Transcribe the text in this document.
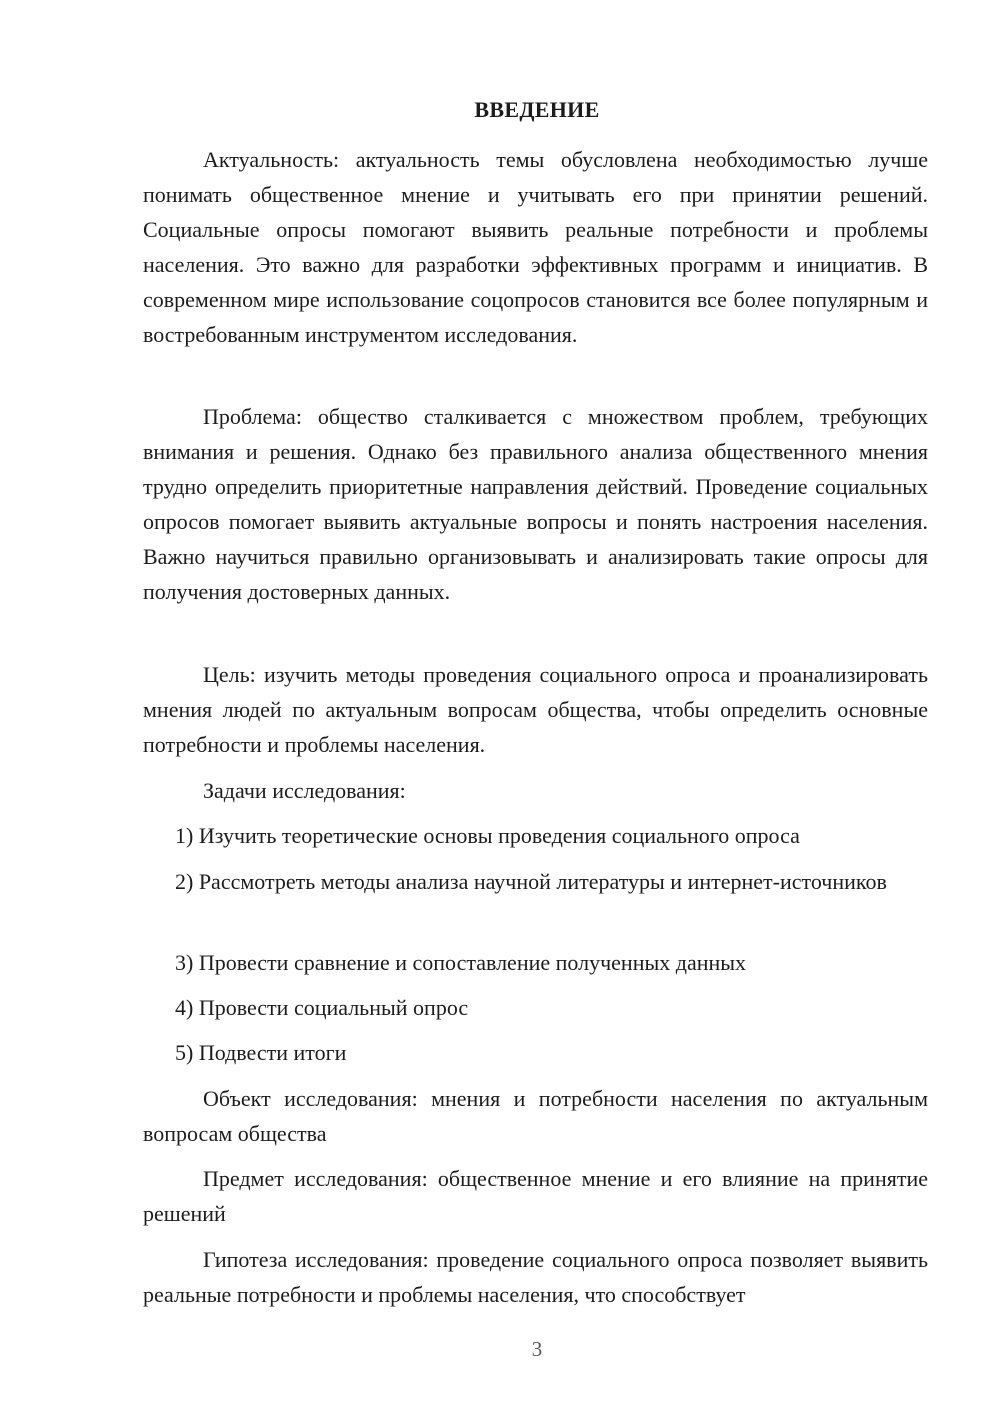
ВВЕДЕНИЕ
Актуальность: актуальность темы обусловлена необходимостью лучше понимать общественное мнение и учитывать его при принятии решений. Социальные опросы помогают выявить реальные потребности и проблемы населения. Это важно для разработки эффективных программ и инициатив. В современном мире использование соцопросов становится все более популярным и востребованным инструментом исследования.
Проблема: общество сталкивается с множеством проблем, требующих внимания и решения. Однако без правильного анализа общественного мнения трудно определить приоритетные направления действий. Проведение социальных опросов помогает выявить актуальные вопросы и понять настроения населения. Важно научиться правильно организовывать и анализировать такие опросы для получения достоверных данных.
Цель: изучить методы проведения социального опроса и проанализировать мнения людей по актуальным вопросам общества, чтобы определить основные потребности и проблемы населения.
Задачи исследования:
1) Изучить теоретические основы проведения социального опроса
2) Рассмотреть методы анализа научной литературы и интернет-источников
3) Провести сравнение и сопоставление полученных данных
4) Провести социальный опрос
5) Подвести итоги
Объект исследования: мнения и потребности населения по актуальным вопросам общества
Предмет исследования: общественное мнение и его влияние на принятие решений
Гипотеза исследования: проведение социального опроса позволяет выявить реальные потребности и проблемы населения, что способствует
3
